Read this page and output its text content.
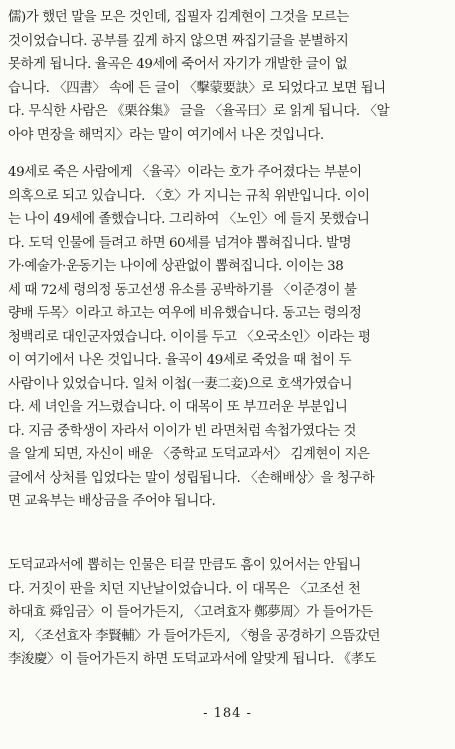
儒)가 했던 말을 모은 것인데, 집필자 김계현이 그것을 모르는
것이었습니다. 공부를 깊게 하지 않으면 짜집기글을 분별하지
못하게 됩니다. 율곡은 49세에 죽어서 자기가 개발한 글이 없
습니다. 〈四書〉 속에 든 글이 〈擊蒙要訣〉로 되었다고 보면 됩니
다. 무식한 사람은 《栗谷集》 글을 〈율곡曰〉로 읽게 됩니다. 〈알
아야 면장을 해먹지〉라는 말이 여기에서 나온 것입니다.
49세로 죽은 사람에게 〈율곡〉이라는 호가 주어졌다는 부분이
의혹으로 되고 있습니다. 〈호〉가 지니는 규칙 위반입니다. 이이
는 나이 49세에 졸했습니다. 그리하여 〈노인〉에 들지 못했습니
다. 도덕 인물에 들려고 하면 60세를 넘겨야 뽑혀집니다. 발명
가·예술가·운동기는 나이에 상관없이 뽑혀집니다. 이이는 38
세 때 72세 령의정 동고선생 유소를 공박하기를 〈이준경이 불
량배 두목〉이라고 하고는 여우에 비유했습니다. 동고는 령의정
청백리로 대인군자였습니다. 이이를 두고 〈오국소인〉이라는 평
이 여기에서 나온 것입니다. 율곡이 49세로 죽었을 때 첩이 두
사람이나 있었습니다. 일처 이첩(一妻二妾)으로 호색가였습니
다. 세 녀인을 거느렸습니다. 이 대목이 또 부끄러운 부분입니
다. 지금 중학생이 자라서 이이가 빈 라면처럼 속첩가였다는 것
을 알게 되면, 자신이 배운 〈중학교 도덕교과서〉 김계현이 지은
글에서 상처를 입었다는 말이 성립됩니다. 〈손해배상〉을 청구하
면 교육부는 배상금을 주어야 됩니다.
도덕교과서에 뽑히는 인물은 티끌 만큼도 흠이 있어서는 안됩니
다. 거짓이 판을 치던 지난날이었습니다. 이 대목은 〈고조선 천
하대효 舜임금〉이 들어가든지, 〈고려효자 鄭夢周〉가 들어가든
지, 〈조선효자 李賢輔〉가 들어가든지, 〈형을 공경하기 으뜸갔던
李浚慶〉이 들어가든지 하면 도덕교과서에 알맞게 됩니다. 《孝도
- 184 -
